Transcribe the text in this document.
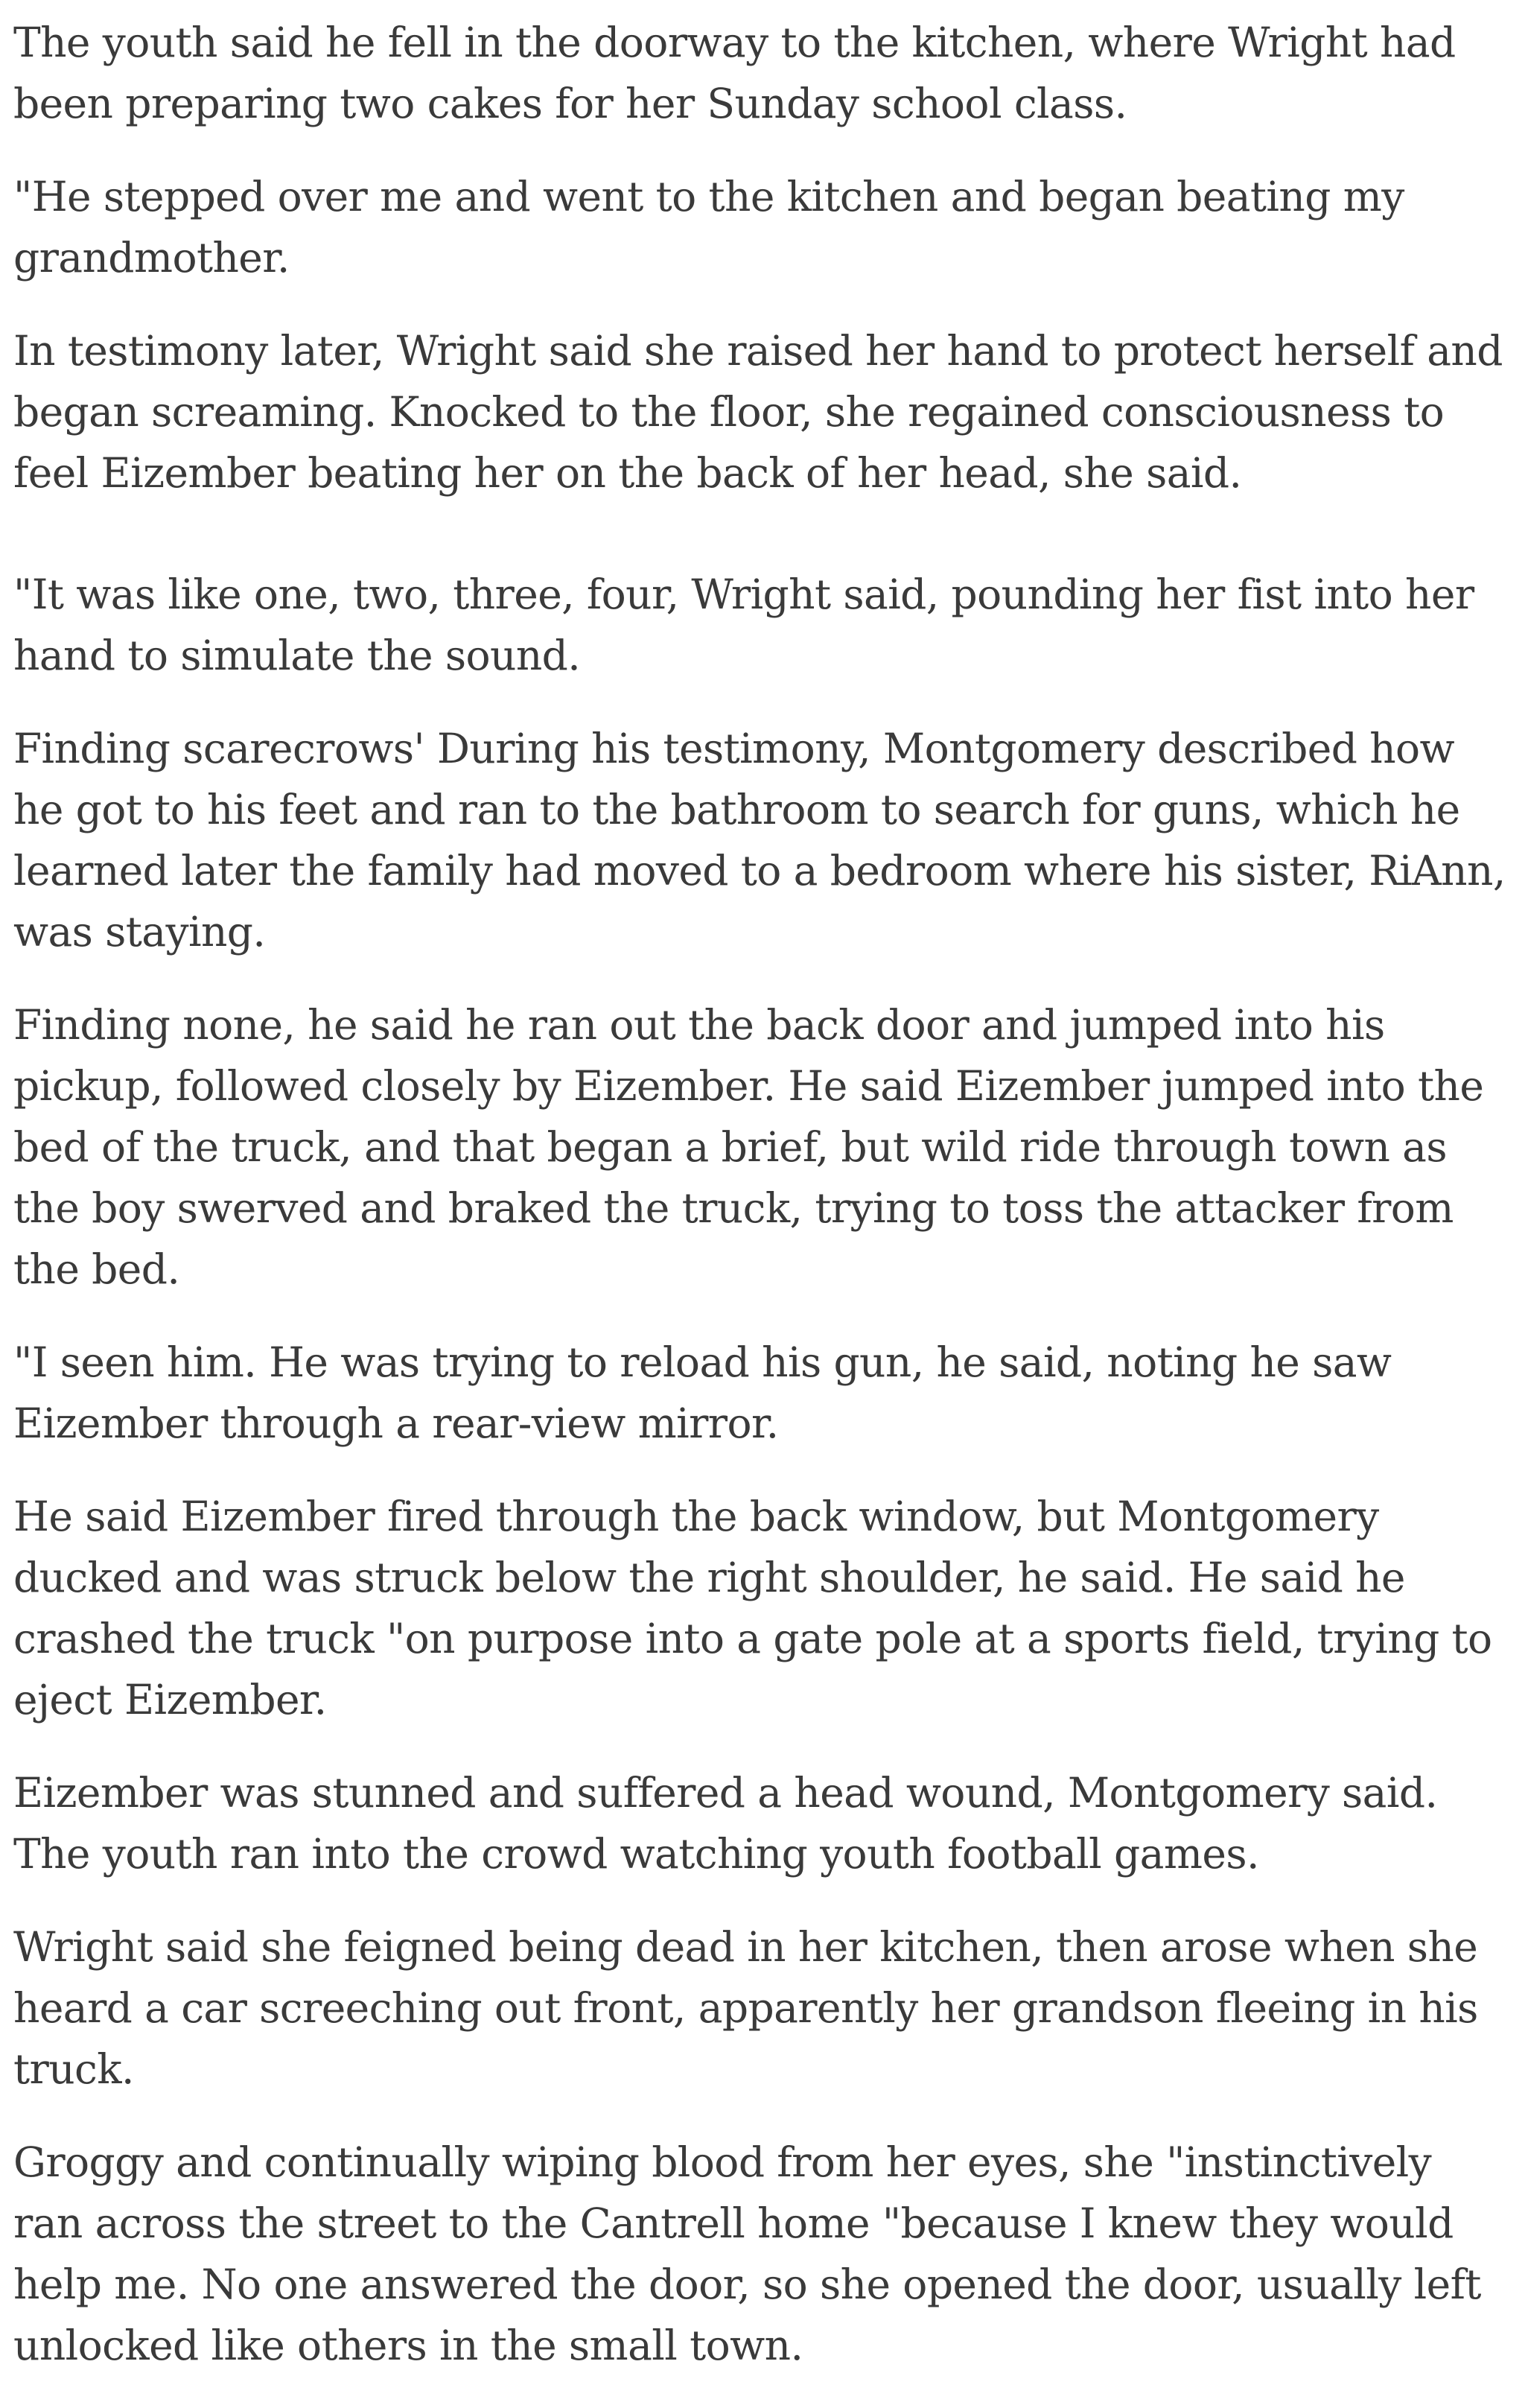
The youth said he fell in the doorway to the kitchen, where Wright had been preparing two cakes for her Sunday school class.

"He stepped over me and went to the kitchen and began beating my grandmother.

In testimony later, Wright said she raised her hand to protect herself and began screaming. Knocked to the floor, she regained consciousness to feel Eizember beating her on the back of her head, she said.

"It was like one, two, three, four, Wright said, pounding her fist into her hand to simulate the sound.

Finding scarecrows' During his testimony, Montgomery described how he got to his feet and ran to the bathroom to search for guns, which he learned later the family had moved to a bedroom where his sister, RiAnn, was staying.

Finding none, he said he ran out the back door and jumped into his pickup, followed closely by Eizember. He said Eizember jumped into the bed of the truck, and that began a brief, but wild ride through town as the boy swerved and braked the truck, trying to toss the attacker from the bed.

"I seen him. He was trying to reload his gun, he said, noting he saw Eizember through a rear-view mirror.

He said Eizember fired through the back window, but Montgomery ducked and was struck below the right shoulder, he said. He said he crashed the truck "on purpose into a gate pole at a sports field, trying to eject Eizember.

Eizember was stunned and suffered a head wound, Montgomery said. The youth ran into the crowd watching youth football games.

Wright said she feigned being dead in her kitchen, then arose when she heard a car screeching out front, apparently her grandson fleeing in his truck.

Groggy and continually wiping blood from her eyes, she "instinctively ran across the street to the Cantrell home "because I knew they would help me. No one answered the door, so she opened the door, usually left unlocked like others in the small town.
